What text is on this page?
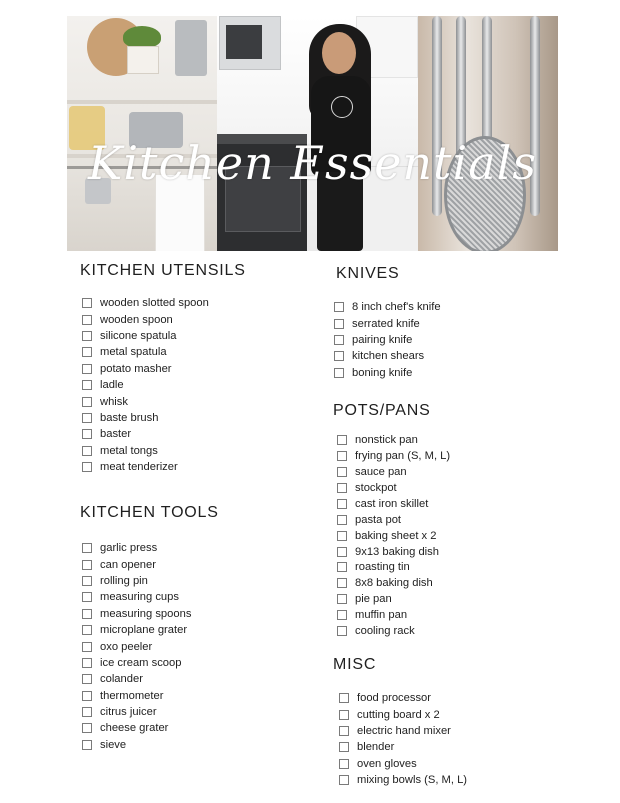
Kitchen Essentials
KITCHEN UTENSILS
wooden slotted spoon
wooden spoon
silicone spatula
metal spatula
potato masher
ladle
whisk
baste brush
baster
metal tongs
meat tenderizer
KITCHEN TOOLS
garlic press
can opener
rolling pin
measuring cups
measuring spoons
microplane grater
oxo peeler
ice cream scoop
colander
thermometer
citrus juicer
cheese grater
sieve
KNIVES
8 inch chef's knife
serrated knife
pairing knife
kitchen shears
boning knife
POTS/PANS
nonstick pan
frying pan (S, M, L)
sauce pan
stockpot
cast iron skillet
pasta pot
baking sheet x 2
9x13 baking dish
roasting tin
8x8 baking dish
pie pan
muffin pan
cooling rack
MISC
food processor
cutting board x 2
electric hand mixer
blender
oven gloves
mixing bowls (S, M, L)
